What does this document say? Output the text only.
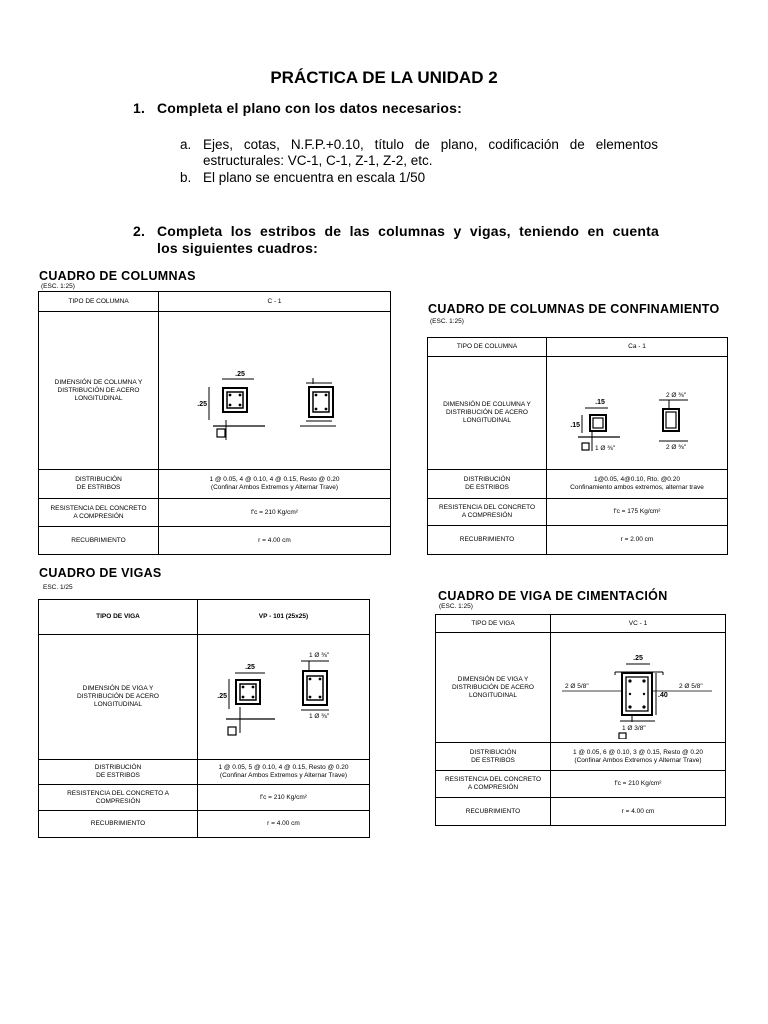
PRÁCTICA DE LA UNIDAD 2
1. Completa el plano con los datos necesarios:
a. Ejes, cotas, N.F.P.+0.10, título de plano, codificación de elementos
estructurales: VC-1, C-1, Z-1, Z-2, etc.
b. El plano se encuentra en escala 1/50
2. Completa los estribos de las columnas y vigas, teniendo en cuenta
los siguientes cuadros:
CUADRO DE COLUMNAS
(ESC. 1:25)
TIPO DE COLUMNA	C - 1
DIMENSIÓN DE COLUMNA Y
DISTRIBUCIÓN DE ACERO
LONGITUDINAL	.25
.25

DISTRIBUCIÓN
DE ESTRIBOS	1 @ 0.05, 4 @ 0.10, 4 @ 0.15, Resto @ 0.20
(Confinar Ambos Extremos y Alternar Trave)
RESISTENCIA DEL CONCRETO
A COMPRESIÓN	f'c = 210 Kg/cm²
RECUBRIMIENTO	r = 4.00 cm
CUADRO DE COLUMNAS DE CONFINAMIENTO
(ESC. 1:25)
TIPO DE COLUMNA	Ca - 1
DIMENSIÓN DE COLUMNA Y
DISTRIBUCIÓN DE ACERO
LONGITUDINAL	.15
.15
1 Ø ⅜"
2 Ø ⅜"
2 Ø ⅜"

DISTRIBUCIÓN
DE ESTRIBOS	1@0.05, 4@0.10, Rto. @0.20
Confinamiento ambos extremos, alternar trave
RESISTENCIA DEL CONCRETO
A COMPRESIÓN	f'c = 175 Kg/cm²
RECUBRIMIENTO	r = 2.00 cm
CUADRO DE VIGAS
ESC. 1/25
TIPO DE VIGA	VP - 101 (25x25)
DIMENSIÓN DE VIGA Y
DISTRIBUCIÓN DE ACERO
LONGITUDINAL	.25
.25
1 Ø ⅜"
1 Ø ⅜"

DISTRIBUCIÓN
DE ESTRIBOS	1 @ 0.05, 5 @ 0.10, 4 @ 0.15, Resto @ 0.20
(Confinar Ambos Extremos y Alternar Trave)
RESISTENCIA DEL CONCRETO A
COMPRESIÓN	f'c = 210 Kg/cm²
RECUBRIMIENTO	r = 4.00 cm
CUADRO DE VIGA DE CIMENTACIÓN
(ESC. 1:25)
TIPO DE VIGA	VC - 1
DIMENSIÓN DE VIGA Y
DISTRIBUCIÓN DE ACERO
LONGITUDINAL	.25
.40
2 Ø 5/8" 2 Ø 5/8"
1 Ø 3/8"

DISTRIBUCIÓN
DE ESTRIBOS	1 @ 0.05, 6 @ 0.10, 3 @ 0.15, Resto @ 0.20
(Confinar Ambos Extremos y Alternar Trave)
RESISTENCIA DEL CONCRETO
A COMPRESIÓN	f'c = 210 Kg/cm²
RECUBRIMIENTO	r = 4.00 cm
